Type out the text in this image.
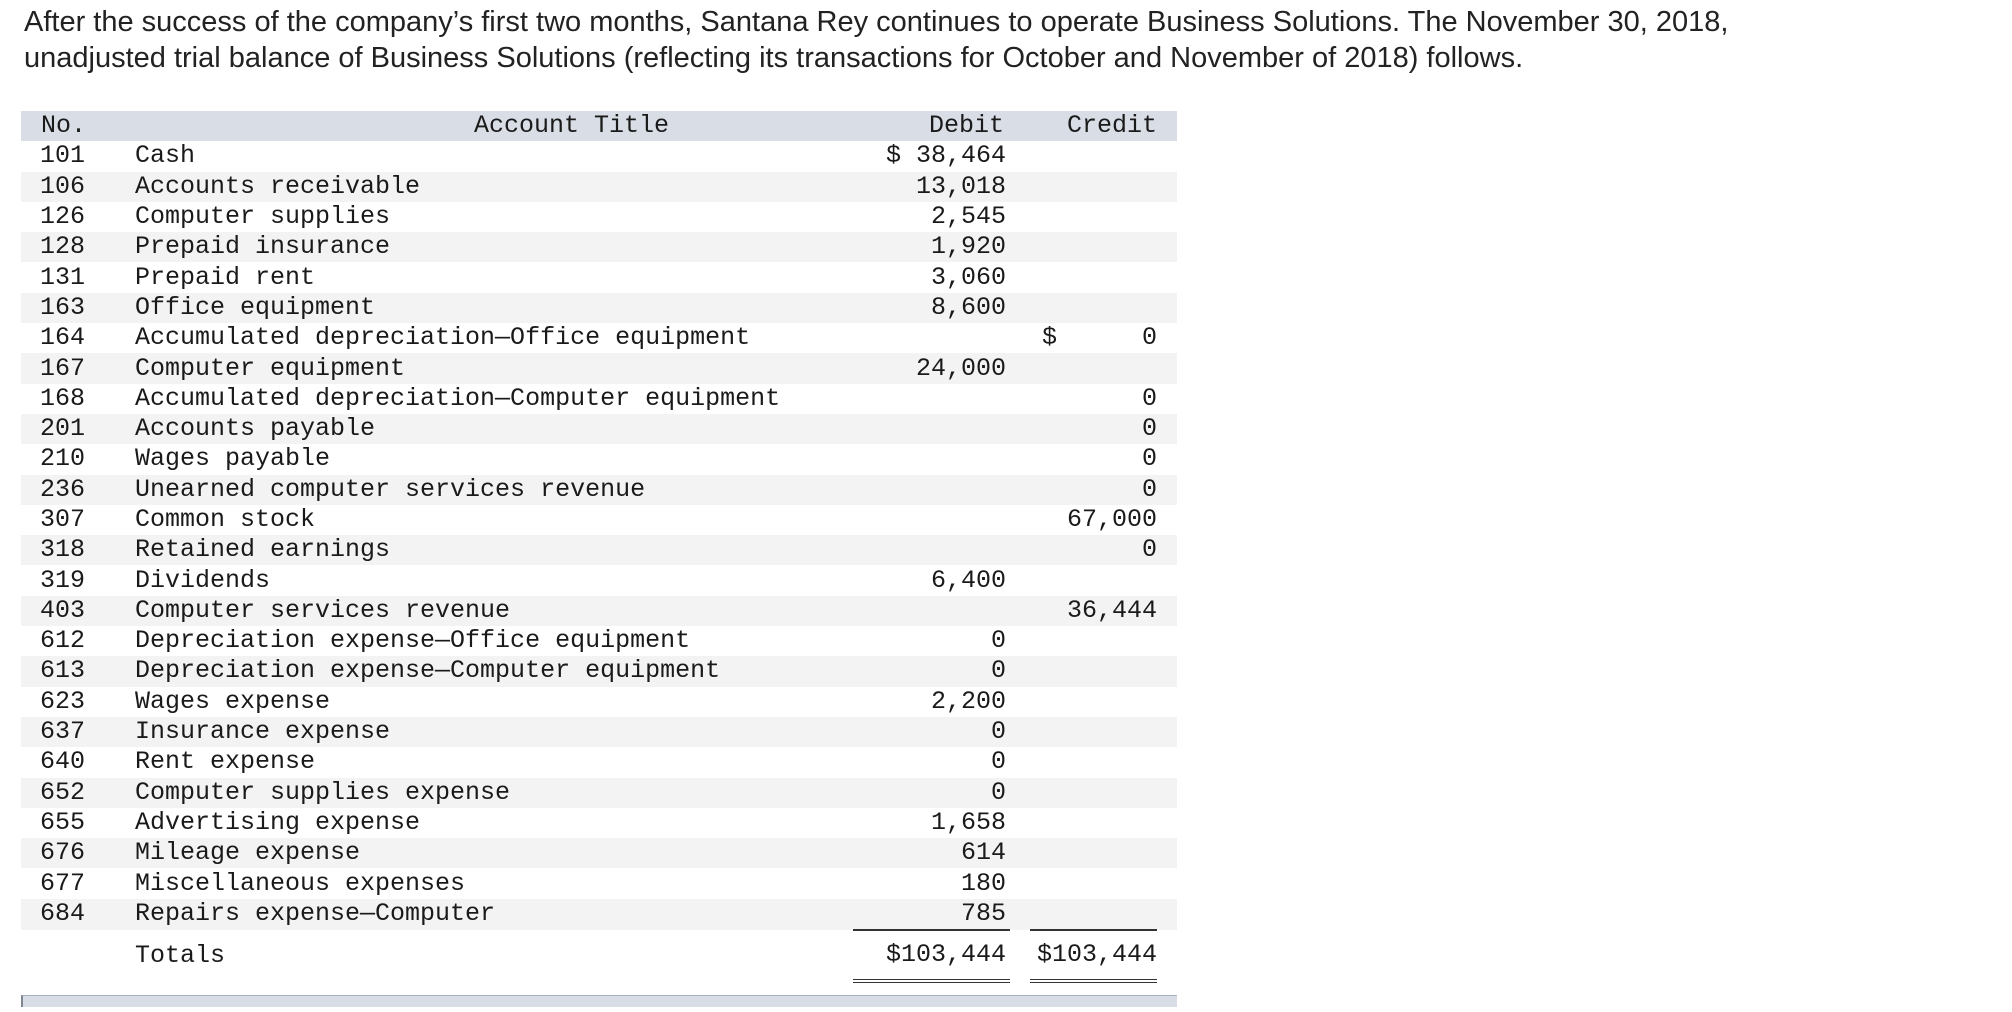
After the success of the company’s first two months, Santana Rey continues to operate Business Solutions. The November 30, 2018,

unadjusted trial balance of Business Solutions (reflecting its transactions for October and November of 2018) follows.

No.	Account Title	Debit		Credit	
101	Cash	$ 38,464		

106	Accounts receivable	13,018		

126	Computer supplies	2,545		

128	Prepaid insurance	1,920		

131	Prepaid rent	3,060		

163	Office equipment	8,600		

164	Accumulated depreciation—Office equipment			$ 0	

167	Computer equipment	24,000		

168	Accumulated depreciation—Computer equipment			0	

201	Accounts payable			0	

210	Wages payable			0	

236	Unearned computer services revenue			0	

307	Common stock			67,000	

318	Retained earnings			0	

319	Dividends	6,400		

403	Computer services revenue			36,444	

612	Depreciation expense—Office equipment	0		

613	Depreciation expense—Computer equipment	0		

623	Wages expense	2,200		

637	Insurance expense	0		

640	Rent expense	0		

652	Computer supplies expense	0		

655	Advertising expense	1,658		

676	Mileage expense	614		

677	Miscellaneous expenses	180		

684	Repairs expense—Computer	785		

	Totals	$103,444		$103,444	
